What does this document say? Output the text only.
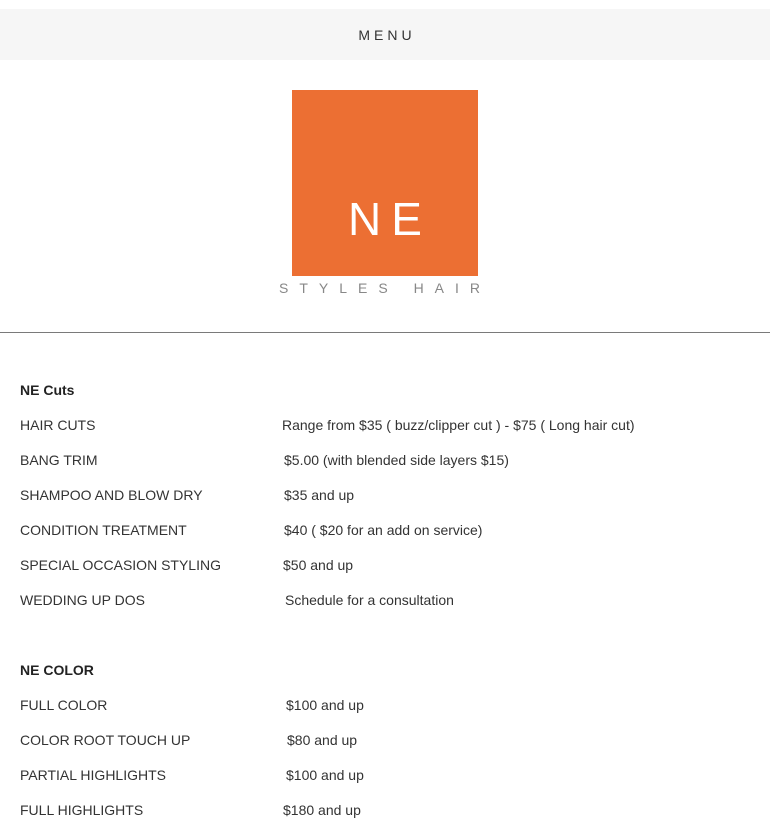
MENU
NE
STYLES HAIR
NE Cuts
HAIR CUTS	Range from $35 ( buzz/clipper cut ) - $75 ( Long hair cut)
BANG TRIM	$5.00 (with blended side layers $15)
SHAMPOO AND BLOW DRY	$35 and up
CONDITION TREATMENT	$40 ( $20 for an add on service)
SPECIAL OCCASION STYLING	$50 and up
WEDDING UP DOS	Schedule for a consultation
NE COLOR
FULL COLOR	$100 and up
COLOR ROOT TOUCH UP	$80 and up
PARTIAL HIGHLIGHTS	$100 and up
FULL HIGHLIGHTS	$180 and up
